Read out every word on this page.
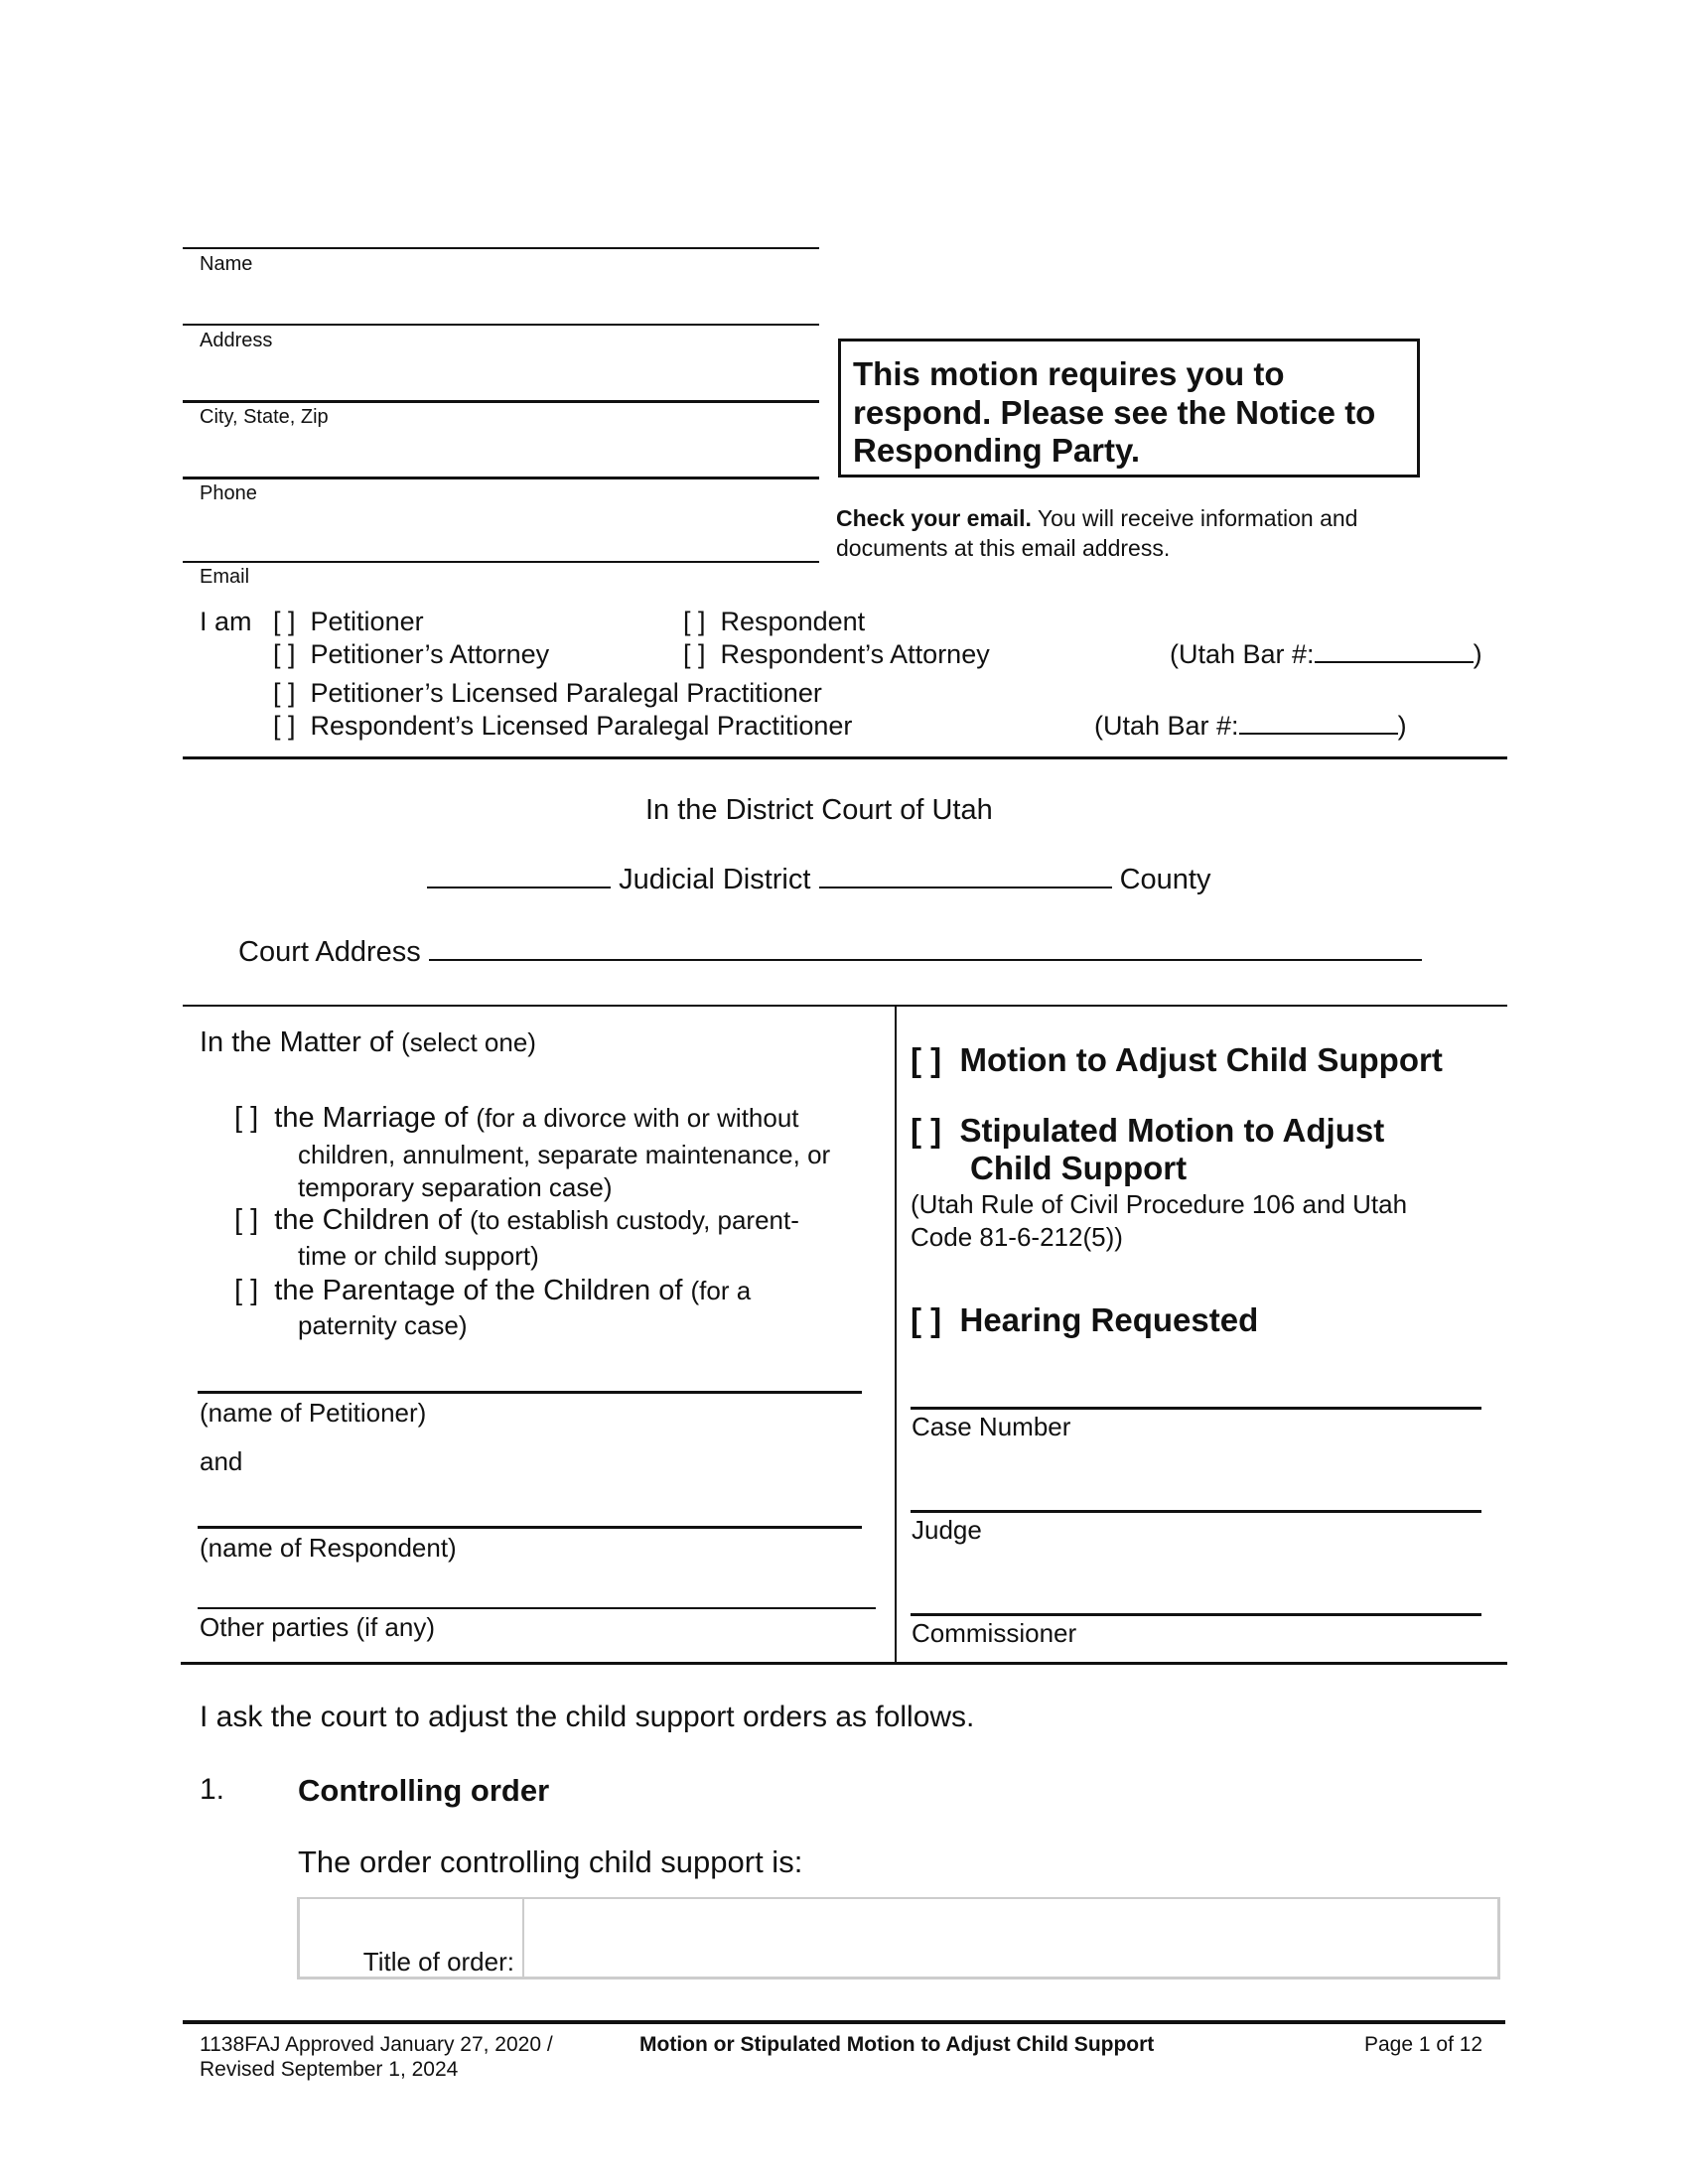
Name
Address
City, State, Zip
Phone
Email
This motion requires you to
respond. Please see the Notice to
Responding Party.
Check your email. You will receive information and
documents at this email address.
I am [ ] Petitioner	[ ] Respondent
[ ] Petitioner’s Attorney	[ ] Respondent’s Attorney	(Utah Bar #:	)
[ ] Petitioner’s Licensed Paralegal Practitioner
[ ] Respondent’s Licensed Paralegal Practitioner	(Utah Bar #:	)
In the District Court of Utah
Judicial District	County
Court Address
In the Matter of (select one)
[ ] the Marriage of (for a divorce with or without
children, annulment, separate maintenance, or
temporary separation case)
[ ] the Children of (to establish custody, parent-
time or child support)
[ ] the Parentage of the Children of (for a
paternity case)
(name of Petitioner)
and
(name of Respondent)
Other parties (if any)
[ ] Motion to Adjust Child Support
[ ] Stipulated Motion to Adjust
Child Support
(Utah Rule of Civil Procedure 106 and Utah
Code 81-6-212(5))
[ ] Hearing Requested
Case Number
Judge
Commissioner
I ask the court to adjust the child support orders as follows.
1. Controlling order
The order controlling child support is:
Title of order:
1138FAJ Approved January 27, 2020 /
Revised September 1, 2024
Motion or Stipulated Motion to Adjust Child Support	Page 1 of 12
